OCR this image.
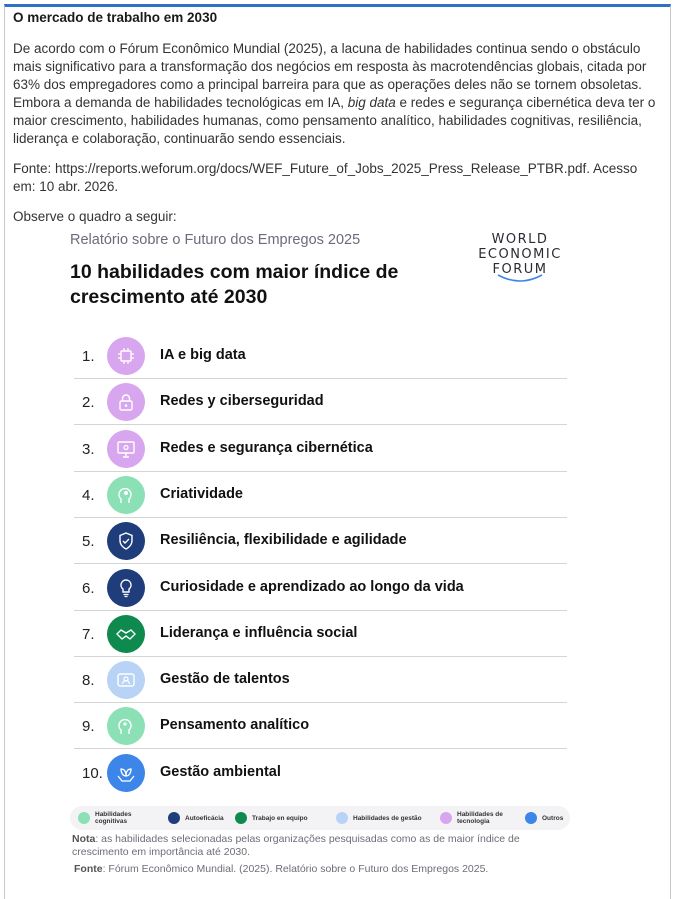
O mercado de trabalho em 2030

De acordo com o Fórum Econômico Mundial (2025), a lacuna de habilidades continua sendo o obstáculo mais significativo para a transformação dos negócios em resposta às macrotendências globais, citada por 63% dos empregadores como a principal barreira para que as operações deles não se tornem obsoletas. Embora a demanda de habilidades tecnológicas em IA, big data e redes e segurança cibernética deva ter o maior crescimento, habilidades humanas, como pensamento analítico, habilidades cognitivas, resiliência, liderança e colaboração, continuarão sendo essenciais.

Fonte: https://reports.weforum.org/docs/WEF_Future_of_Jobs_2025_Press_Release_PTBR.pdf. Acesso em: 10 abr. 2026.

Observe o quadro a seguir:

Relatório sobre o Futuro dos Empregos 2025
10 habilidades com maior índice de crescimento até 2030
WORLD
ECONOMIC
FORUM
1.	IA e big data
2.	Redes y ciberseguridad
3.	Redes e segurança cibernética
4.	Criatividade
5.	Resiliência, flexibilidade e agilidade
6.	Curiosidade e aprendizado ao longo da vida
7.	Liderança e influência social
8.	Gestão de talentos
9.	Pensamento analítico
10.	Gestão ambiental
Habilidades cognitivas	Autoeficácia	Trabajo en equipo	Habilidades de gestão	Habilidades de tecnologia	Outros

Nota: as habilidades selecionadas pelas organizações pesquisadas como as de maior índice de crescimento em importância até 2030.

Fonte: Fórum Econômico Mundial. (2025). Relatório sobre o Futuro dos Empregos 2025.
